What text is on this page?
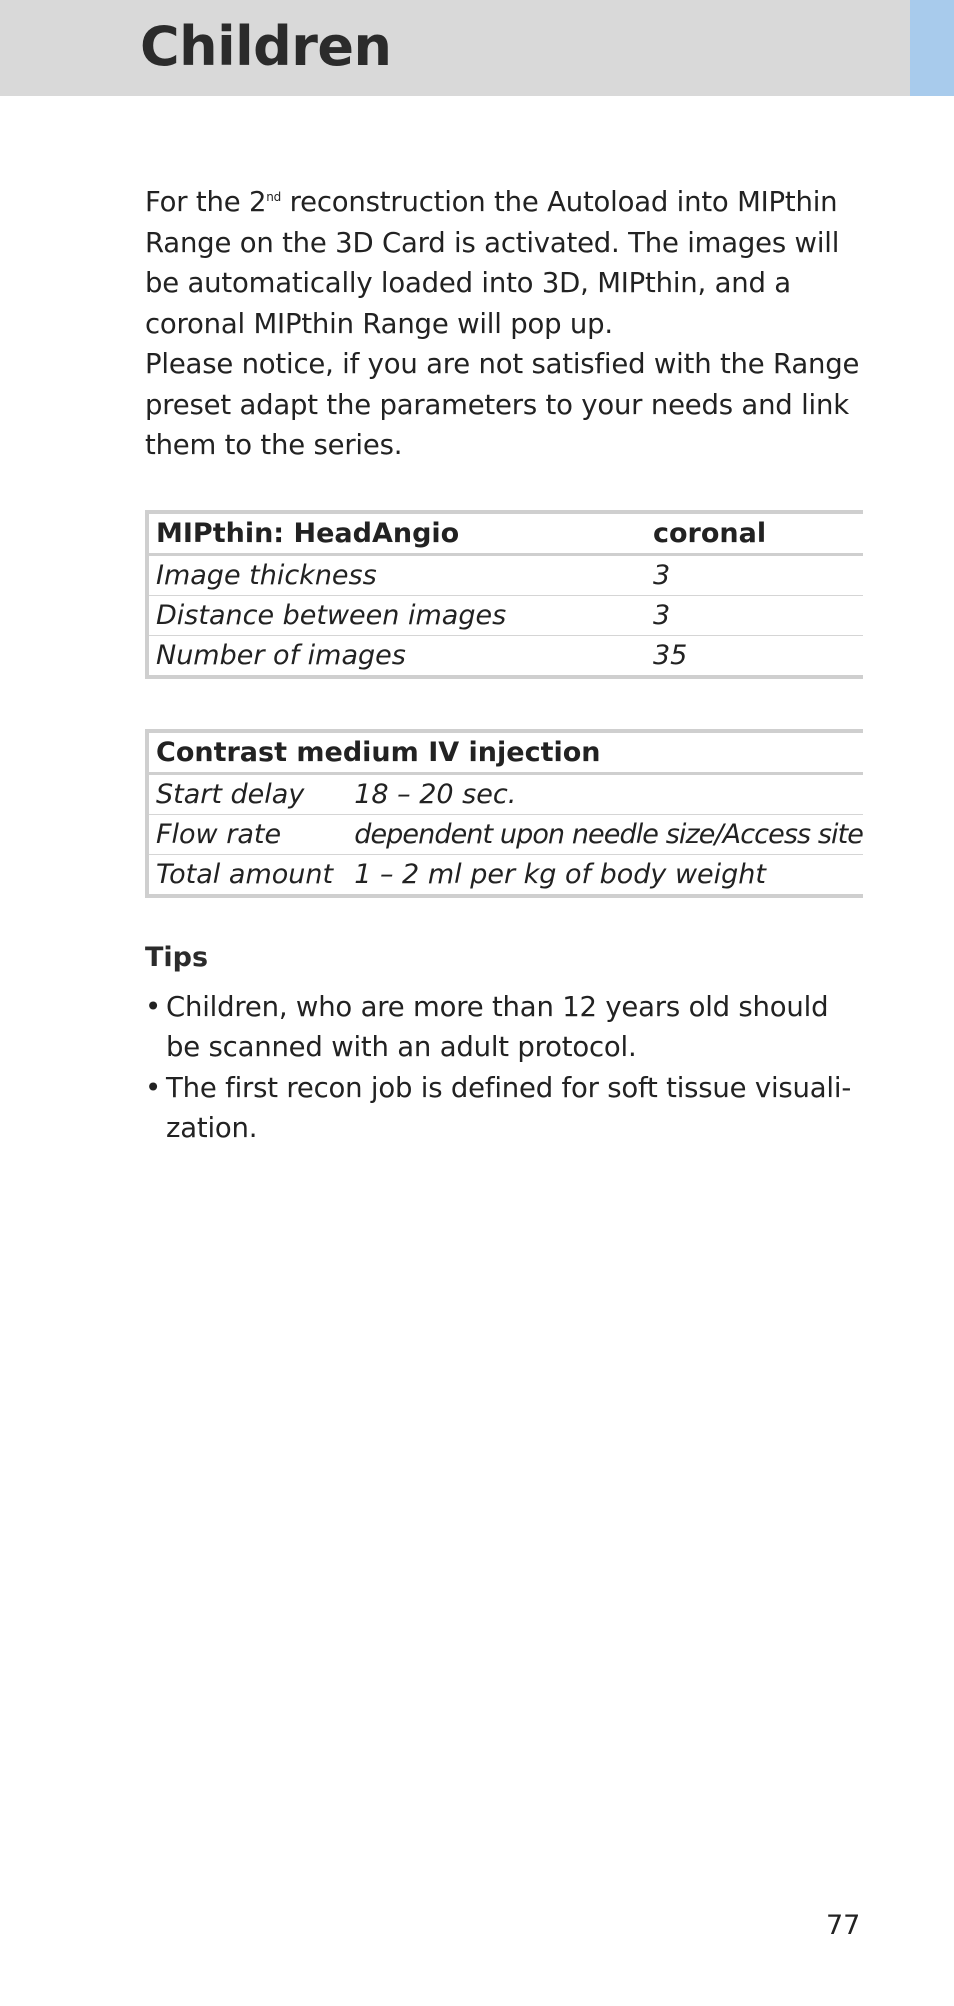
Children

For the 2nd reconstruction the Autoload into MIPthin Range on the 3D Card is activated. The images will be automatically loaded into 3D, MIPthin, and a coronal MIPthin Range will pop up.
Please notice, if you are not satisfied with the Range preset adapt the parameters to your needs and link them to the series.

MIPthin: HeadAngio	coronal
Image thickness	3
Distance between images	3
Number of images	35
Contrast medium IV injection	
Start delay	18 – 20 sec.
Flow rate	dependent upon needle size/Access site
Total amount	1 – 2 ml per kg of body weight
Tips
• Children, who are more than 12 years old should be scanned with an adult protocol.
• The first recon job is defined for soft tissue visuali- zation.
77
